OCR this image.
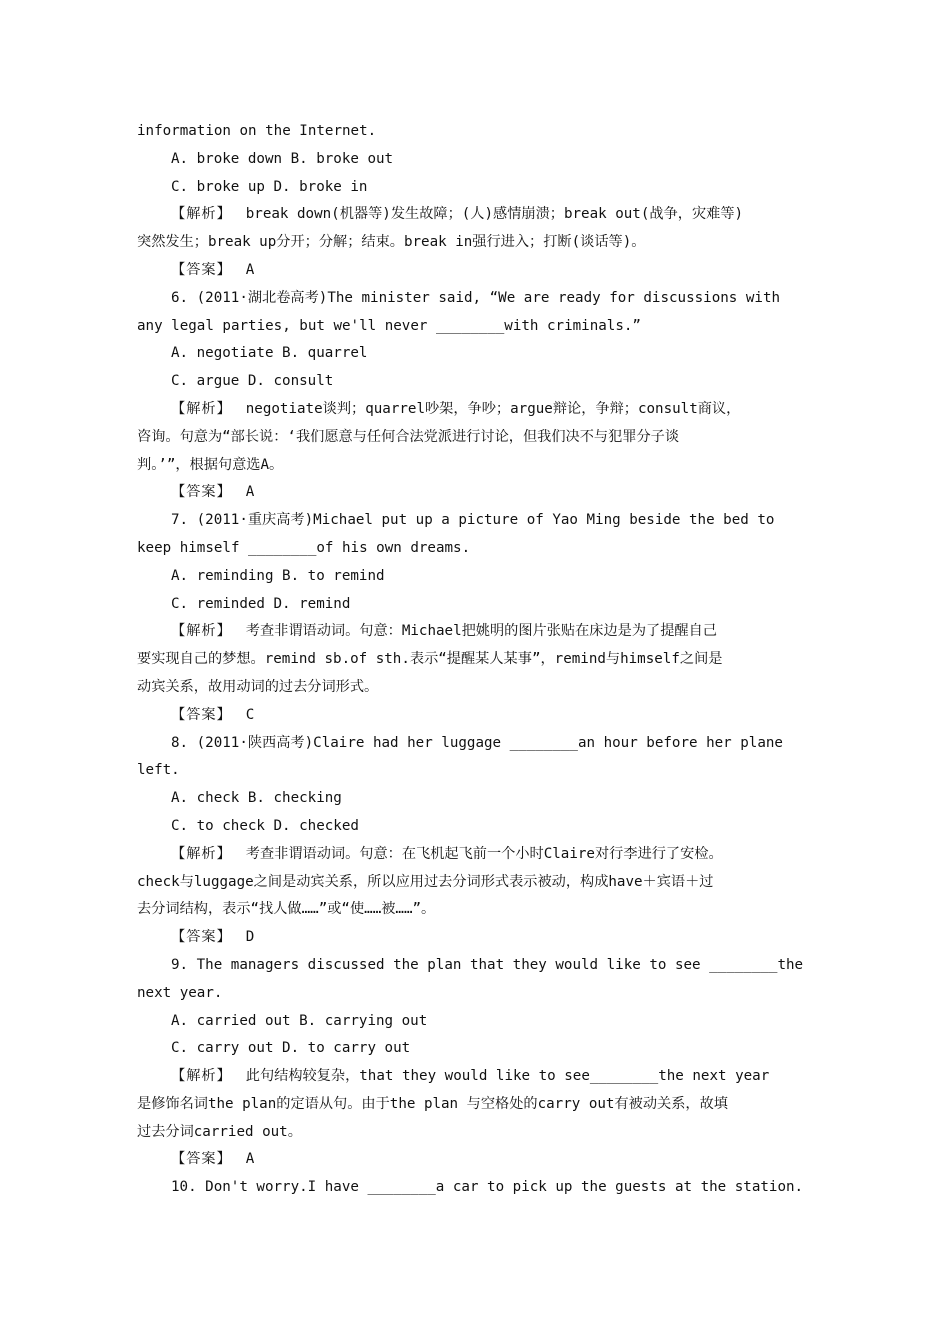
information on the Internet.
A. broke down B. broke out
C. broke up D. broke in
【解析】 break down(机器等)发生故障；(人)感情崩溃；break out(战争，灾难等)
突然发生；break up分开；分解；结束。break in强行进入；打断(谈话等)。
【答案】 A
6. (2011·湖北卷高考)The minister said, “We are ready for discussions with
any legal parties, but we'll never ________with criminals.”
A. negotiate B. quarrel
C. argue D. consult
【解析】 negotiate谈判；quarrel吵架，争吵；argue辩论，争辩；consult商议，
咨询。句意为“部长说：‘我们愿意与任何合法党派进行讨论，但我们决不与犯罪分子谈
判。’”，根据句意选A。
【答案】 A
7. (2011·重庆高考)Michael put up a picture of Yao Ming beside the bed to
keep himself ________of his own dreams.
A. reminding B. to remind
C. reminded D. remind
【解析】 考查非谓语动词。句意：Michael把姚明的图片张贴在床边是为了提醒自己
要实现自己的梦想。remind sb.of sth.表示“提醒某人某事”，remind与himself之间是
动宾关系，故用动词的过去分词形式。
【答案】 C
8. (2011·陕西高考)Claire had her luggage ________an hour before her plane
left.
A. check B. checking
C. to check D. checked
【解析】 考查非谓语动词。句意：在飞机起飞前一个小时Claire对行李进行了安检。
check与luggage之间是动宾关系，所以应用过去分词形式表示被动，构成have＋宾语＋过
去分词结构，表示“找人做……”或“使……被……”。
【答案】 D
9. The managers discussed the plan that they would like to see ________the
next year.
A. carried out B. carrying out
C. carry out D. to carry out
【解析】 此句结构较复杂，that they would like to see________the next year
是修饰名词the plan的定语从句。由于the plan 与空格处的carry out有被动关系，故填
过去分词carried out。
【答案】 A
10. Don't worry.I have ________a car to pick up the guests at the station.
